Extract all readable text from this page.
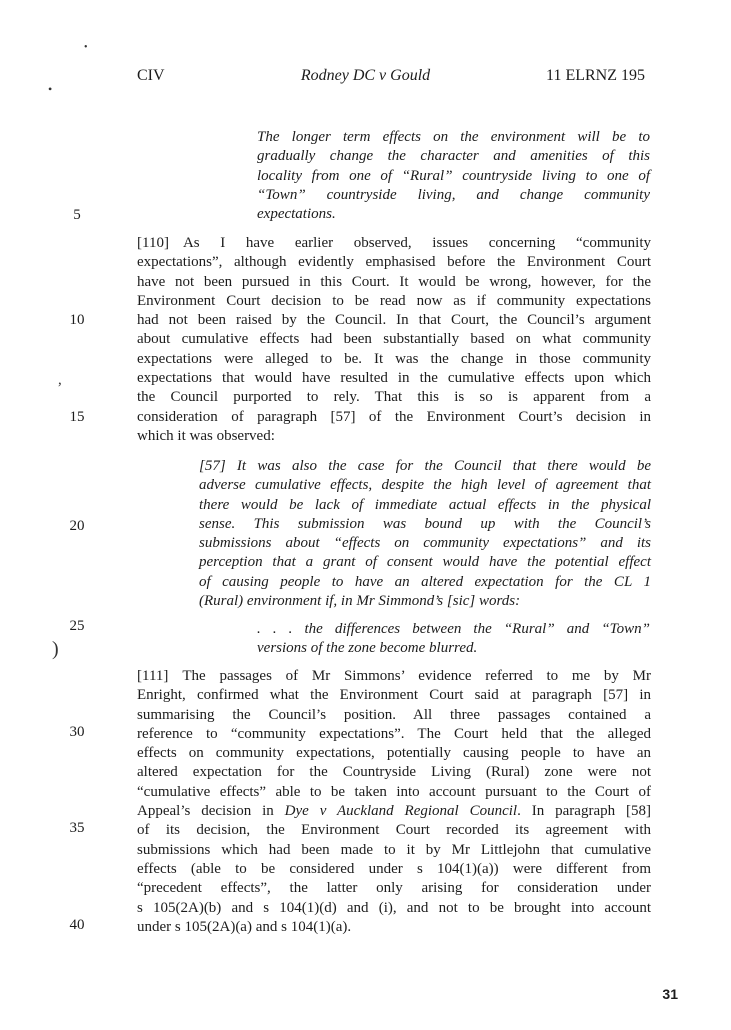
CIV	Rodney DC v Gould	11 ELRNZ 195
•
•
,
)
5
10
15
20
25
30
35
40
The longer term effects on the environment will be to
gradually change the character and amenities of this
locality from one of “Rural” countryside living to one of
“Town” countryside living, and change community
expectations.
[110] As I have earlier observed, issues concerning “community
expectations”, although evidently emphasised before the Environment Court
have not been pursued in this Court. It would be wrong, however, for the
Environment Court decision to be read now as if community expectations
had not been raised by the Council. In that Court, the Council’s argument
about cumulative effects had been substantially based on what community
expectations were alleged to be. It was the change in those community
expectations that would have resulted in the cumulative effects upon which
the Council purported to rely. That this is so is apparent from a
consideration of paragraph [57] of the Environment Court’s decision in
which it was observed:
[57] It was also the case for the Council that there would be
adverse cumulative effects, despite the high level of agreement that
there would be lack of immediate actual effects in the physical
sense. This submission was bound up with the Council’s
submissions about “effects on community expectations” and its
perception that a grant of consent would have the potential effect
of causing people to have an altered expectation for the CL 1
(Rural) environment if, in Mr Simmond’s [sic] words:
. . . the differences between the “Rural” and “Town”
versions of the zone become blurred.
[111] The passages of Mr Simmons’ evidence referred to me by Mr
Enright, confirmed what the Environment Court said at paragraph [57] in
summarising the Council’s position. All three passages contained a
reference to “community expectations”. The Court held that the alleged
effects on community expectations, potentially causing people to have an
altered expectation for the Countryside Living (Rural) zone were not
“cumulative effects” able to be taken into account pursuant to the Court of
Appeal’s decision in Dye v Auckland Regional Council. In paragraph [58]
of its decision, the Environment Court recorded its agreement with
submissions which had been made to it by Mr Littlejohn that cumulative
effects (able to be considered under s 104(1)(a)) were different from
“precedent effects”, the latter only arising for consideration under
s 105(2A)(b) and s 104(1)(d) and (i), and not to be brought into account
under s 105(2A)(a) and s 104(1)(a).
31
